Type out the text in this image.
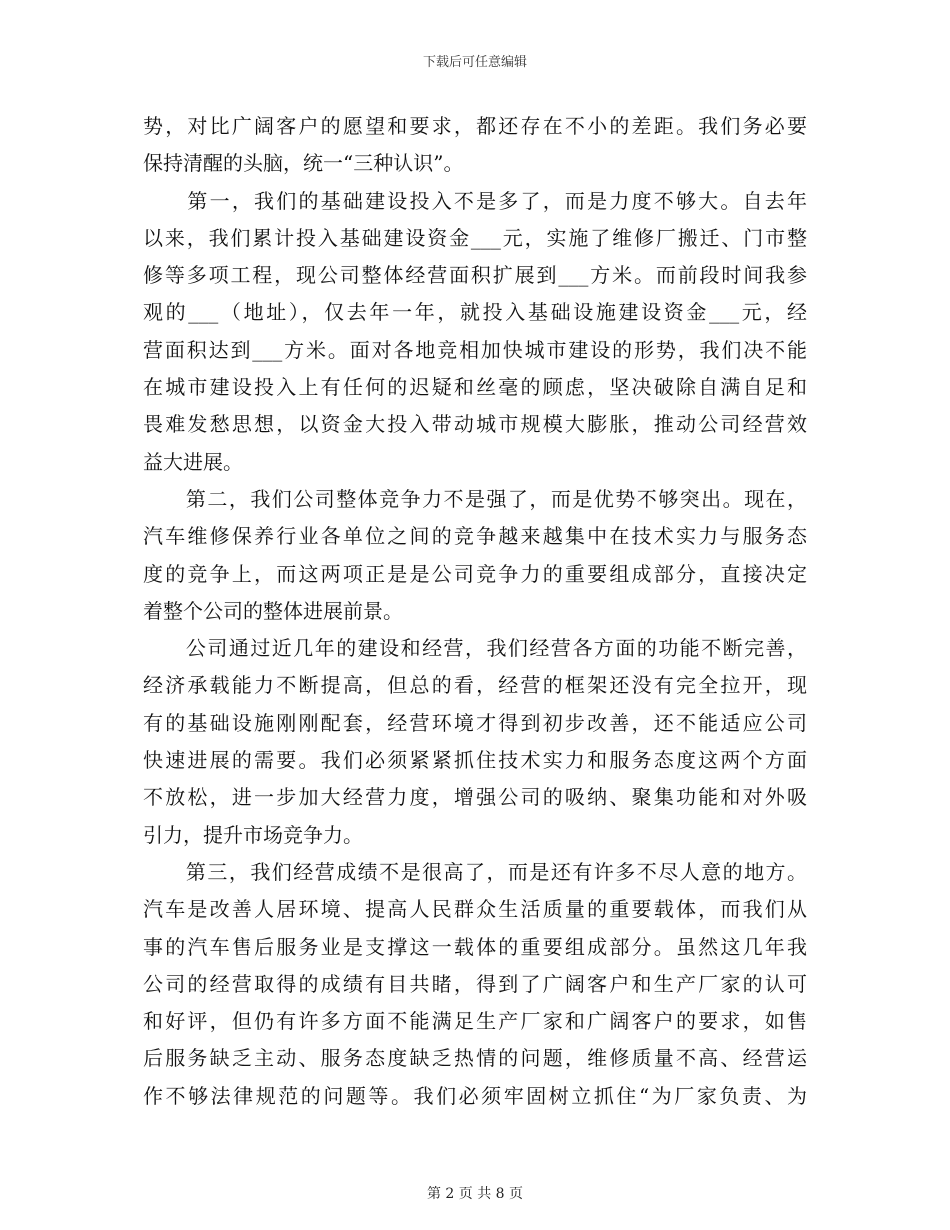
下载后可任意编辑
势，对比广阔客户的愿望和要求，都还存在不小的差距。我们务必要
保持清醒的头脑，统一“三种认识”。
　　第一，我们的基础建设投入不是多了，而是力度不够大。自去年
以来，我们累计投入基础建设资金___元，实施了维修厂搬迁、门市整
修等多项工程，现公司整体经营面积扩展到___方米。而前段时间我参
观的___（地址），仅去年一年，就投入基础设施建设资金___元，经
营面积达到___方米。面对各地竞相加快城市建设的形势，我们决不能
在城市建设投入上有任何的迟疑和丝毫的顾虑，坚决破除自满自足和
畏难发愁思想，以资金大投入带动城市规模大膨胀，推动公司经营效
益大进展。
　　第二，我们公司整体竞争力不是强了，而是优势不够突出。现在，
汽车维修保养行业各单位之间的竞争越来越集中在技术实力与服务态
度的竞争上，而这两项正是是公司竞争力的重要组成部分，直接决定
着整个公司的整体进展前景。
　　公司通过近几年的建设和经营，我们经营各方面的功能不断完善，
经济承载能力不断提高，但总的看，经营的框架还没有完全拉开，现
有的基础设施刚刚配套，经营环境才得到初步改善，还不能适应公司
快速进展的需要。我们必须紧紧抓住技术实力和服务态度这两个方面
不放松，进一步加大经营力度，增强公司的吸纳、聚集功能和对外吸
引力，提升市场竞争力。
　　第三，我们经营成绩不是很高了，而是还有许多不尽人意的地方。
汽车是改善人居环境、提高人民群众生活质量的重要载体，而我们从
事的汽车售后服务业是支撑这一载体的重要组成部分。虽然这几年我
公司的经营取得的成绩有目共睹，得到了广阔客户和生产厂家的认可
和好评，但仍有许多方面不能满足生产厂家和广阔客户的要求，如售
后服务缺乏主动、服务态度缺乏热情的问题，维修质量不高、经营运
作不够法律规范的问题等。我们必须牢固树立抓住“为厂家负责、为
第 2 页 共 8 页
